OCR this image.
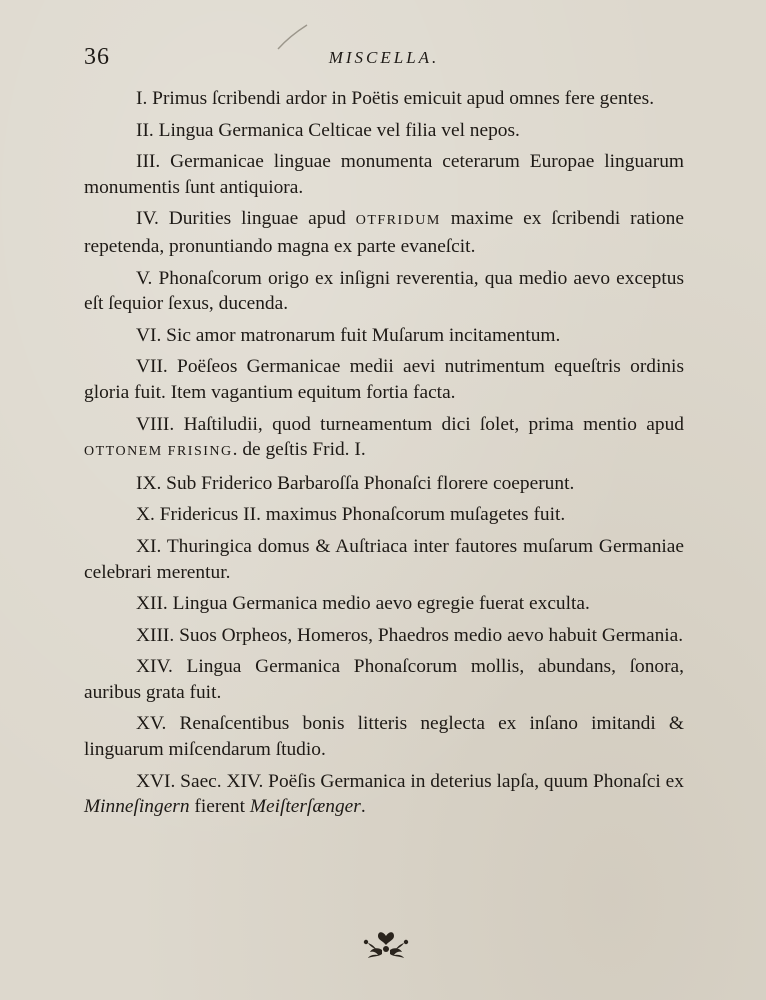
36	MISCELLA.

I. Primus ſcribendi ardor in Poëtis emicuit apud omnes fere gentes.

II. Lingua Germanica Celticae vel filia vel nepos.

III. Germanicae linguae monumenta ceterarum Europae linguarum monumentis ſunt antiquiora.

IV. Durities linguae apud OTFRIDUM maxime ex ſcribendi ratione repetenda, pronuntiando magna ex parte evaneſcit.

V. Phonaſcorum origo ex inſigni reverentia, qua medio aevo exceptus eſt ſequior ſexus, ducenda.

VI. Sic amor matronarum fuit Muſarum incitamentum.

VII. Poëſeos Germanicae medii aevi nutrimentum equeſtris ordinis gloria fuit. Item vagantium equitum fortia facta.

VIII. Haſtiludii, quod turneamentum dici ſolet, prima mentio apud OTTONEM FRISING. de geſtis Frid. I.

IX. Sub Friderico Barbaroſſa Phonaſci florere coeperunt.

X. Fridericus II. maximus Phonaſcorum muſagetes fuit.

XI. Thuringica domus & Auſtriaca inter fautores muſarum Germaniae celebrari merentur.

XII. Lingua Germanica medio aevo egregie fuerat exculta.

XIII. Suos Orpheos, Homeros, Phaedros medio aevo habuit Germania.

XIV. Lingua Germanica Phonaſcorum mollis, abundans, ſonora, auribus grata fuit.

XV. Renaſcentibus bonis litteris neglecta ex inſano imitandi & linguarum miſcendarum ſtudio.

XVI. Saec. XIV. Poëſis Germanica in deterius lapſa, quum Phonaſci ex Minneſingern fierent Meiſterſænger.
